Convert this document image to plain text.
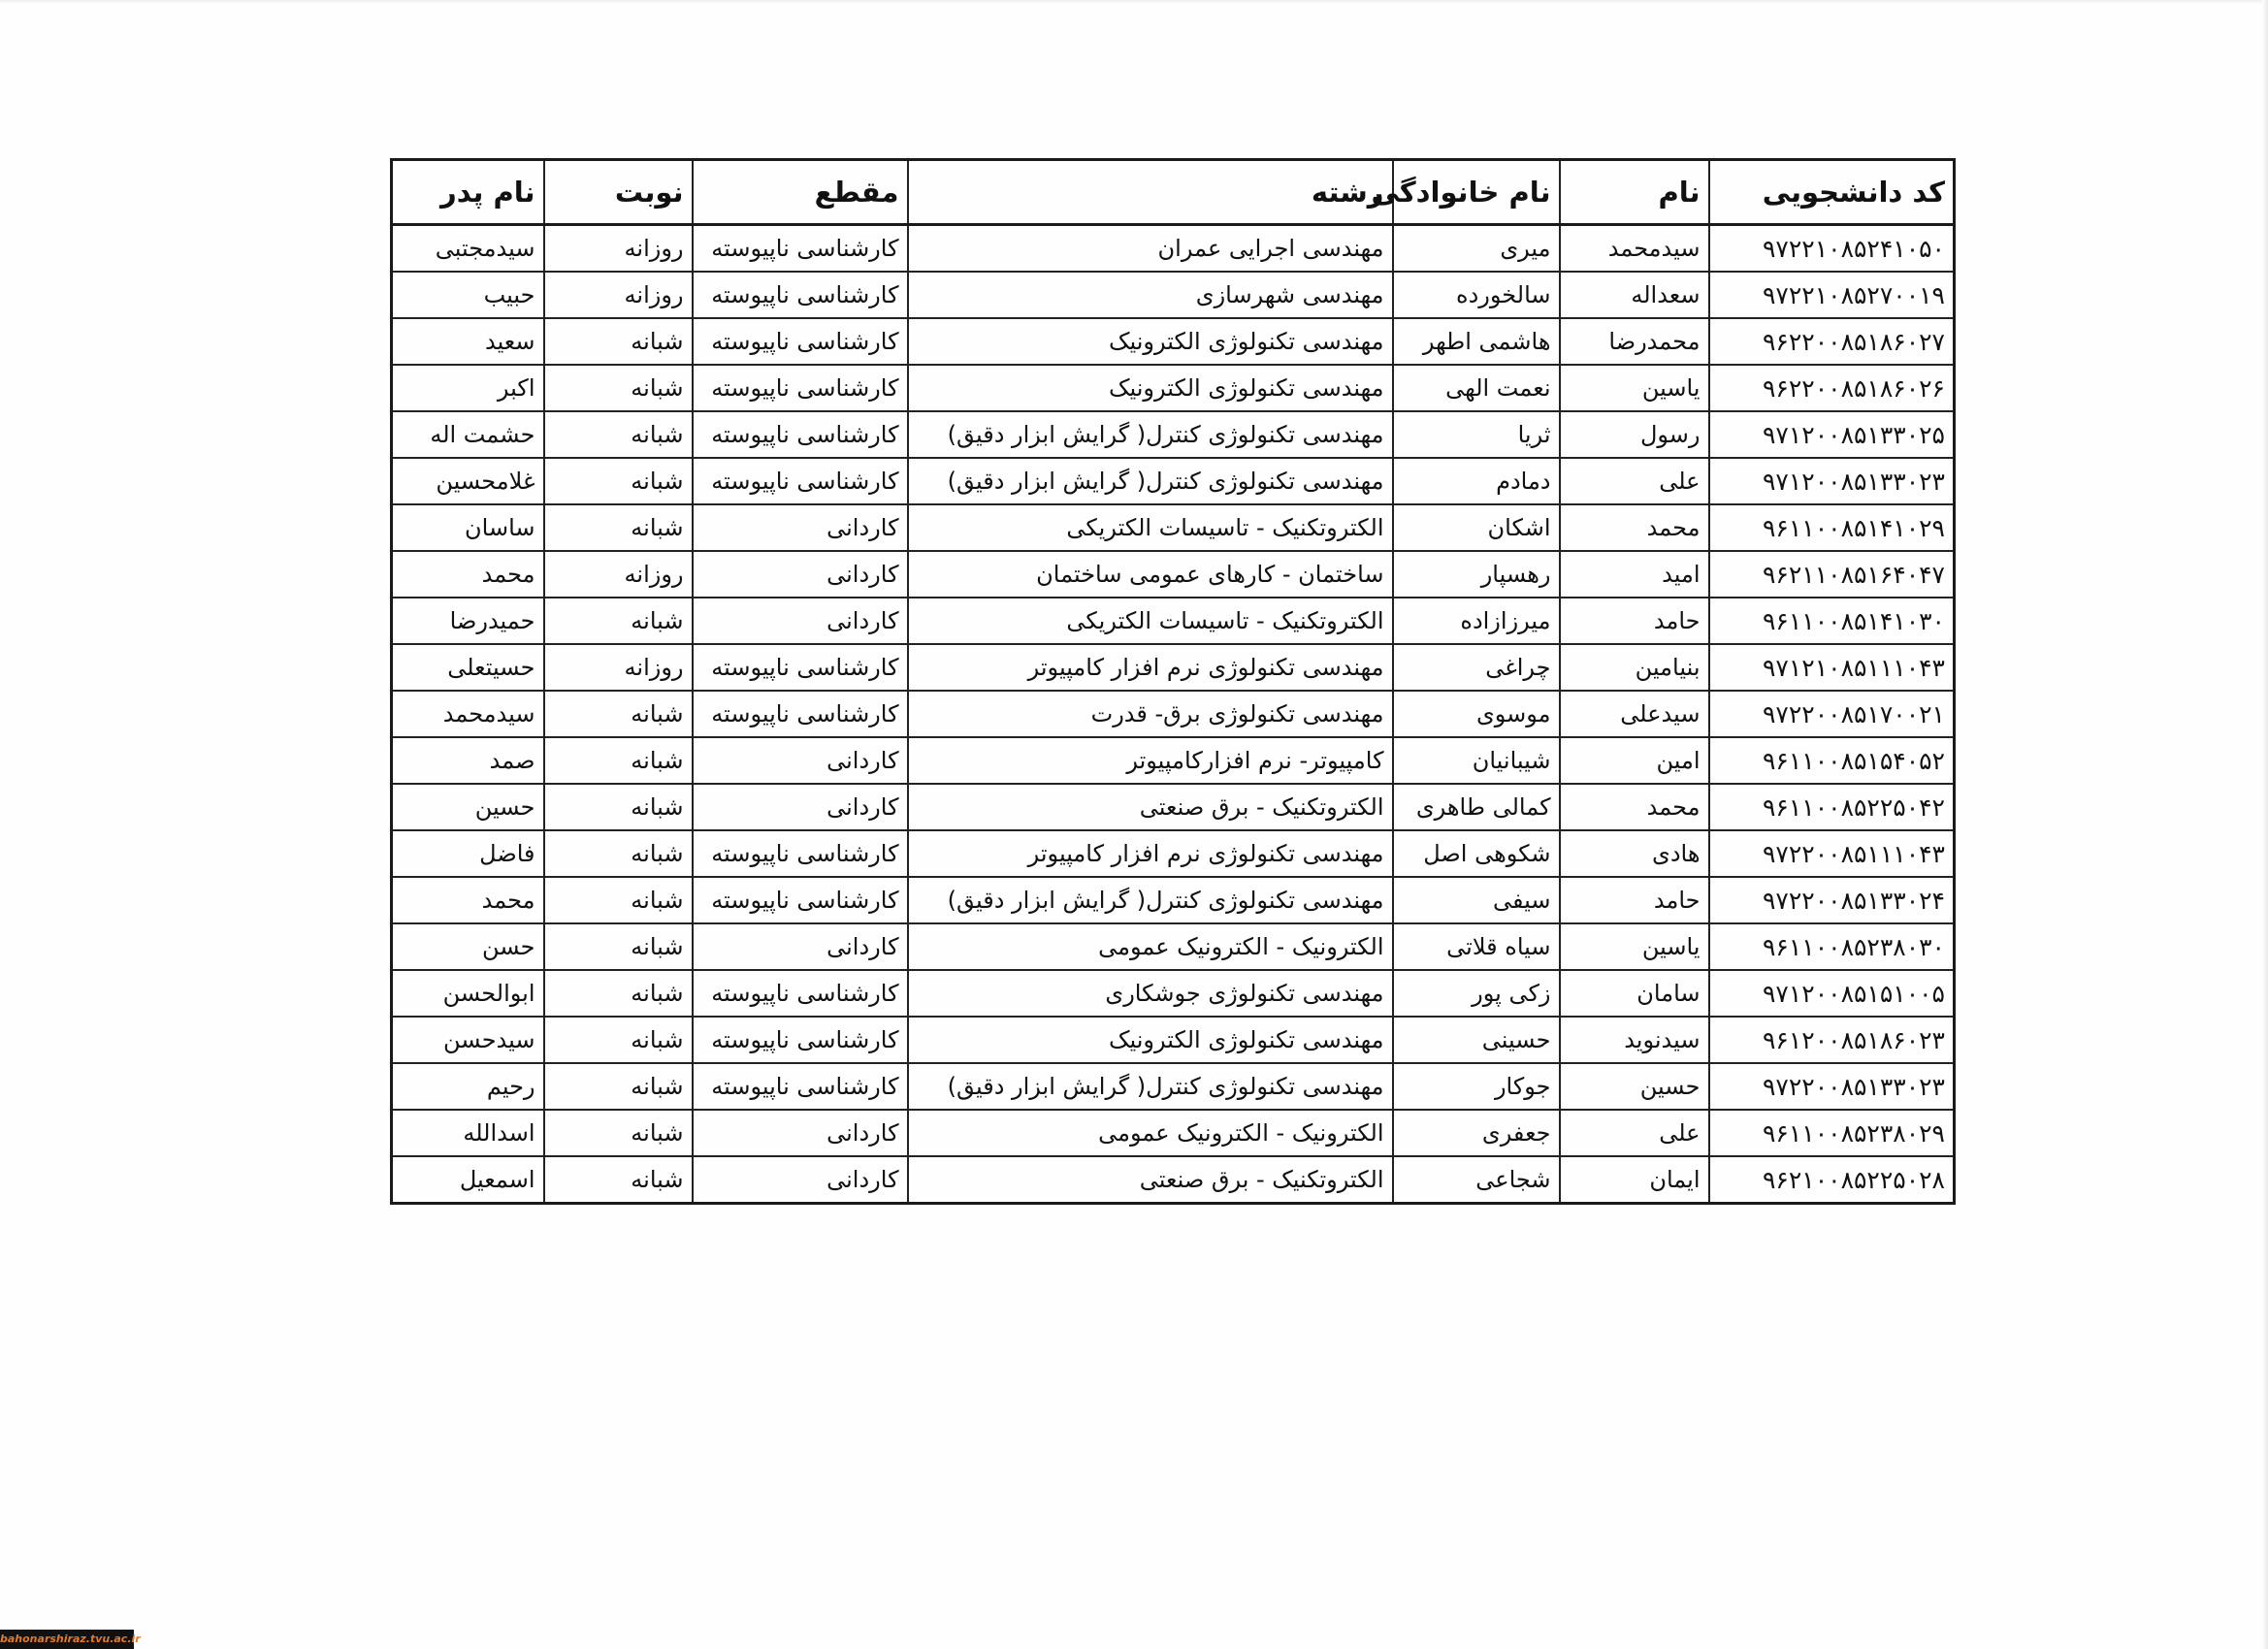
کد دانشجویی	نام	نام خانوادگی	رشته	مقطع	نوبت	نام پدر
۹۷۲۲۱۰۸۵۲۴۱۰۵۰	سیدمحمد	میری	مهندسی اجرایی عمران	کارشناسی ناپیوسته	روزانه	سیدمجتبی
۹۷۲۲۱۰۸۵۲۷۰۰۱۹	سعداله	سالخورده	مهندسی شهرسازی	کارشناسی ناپیوسته	روزانه	حبیب
۹۶۲۲۰۰۸۵۱۸۶۰۲۷	محمدرضا	هاشمی اطهر	مهندسی تکنولوژی الکترونیک	کارشناسی ناپیوسته	شبانه	سعید
۹۶۲۲۰۰۸۵۱۸۶۰۲۶	یاسین	نعمت الهی	مهندسی تکنولوژی الکترونیک	کارشناسی ناپیوسته	شبانه	اکبر
۹۷۱۲۰۰۸۵۱۳۳۰۲۵	رسول	ثریا	مهندسی تکنولوژی کنترل( گرایش ابزار دقیق)	کارشناسی ناپیوسته	شبانه	حشمت اله
۹۷۱۲۰۰۸۵۱۳۳۰۲۳	علی	دمادم	مهندسی تکنولوژی کنترل( گرایش ابزار دقیق)	کارشناسی ناپیوسته	شبانه	غلامحسین
۹۶۱۱۰۰۸۵۱۴۱۰۲۹	محمد	اشکان	الکتروتکنیک - تاسیسات الکتریکی	کاردانی	شبانه	ساسان
۹۶۲۱۱۰۸۵۱۶۴۰۴۷	امید	رهسپار	ساختمان - کارهای عمومی ساختمان	کاردانی	روزانه	محمد
۹۶۱۱۰۰۸۵۱۴۱۰۳۰	حامد	میرزازاده	الکتروتکنیک - تاسیسات الکتریکی	کاردانی	شبانه	حمیدرضا
۹۷۱۲۱۰۸۵۱۱۱۰۴۳	بنیامین	چراغی	مهندسی تکنولوژی نرم افزار کامپیوتر	کارشناسی ناپیوسته	روزانه	حسیتعلی
۹۷۲۲۰۰۸۵۱۷۰۰۲۱	سیدعلی	موسوی	مهندسی تکنولوژی برق- قدرت	کارشناسی ناپیوسته	شبانه	سیدمحمد
۹۶۱۱۰۰۸۵۱۵۴۰۵۲	امین	شیبانیان	کامپیوتر- نرم افزارکامپیوتر	کاردانی	شبانه	صمد
۹۶۱۱۰۰۸۵۲۲۵۰۴۲	محمد	کمالی طاهری	الکتروتکنیک - برق صنعتی	کاردانی	شبانه	حسین
۹۷۲۲۰۰۸۵۱۱۱۰۴۳	هادی	شکوهی اصل	مهندسی تکنولوژی نرم افزار کامپیوتر	کارشناسی ناپیوسته	شبانه	فاضل
۹۷۲۲۰۰۸۵۱۳۳۰۲۴	حامد	سیفی	مهندسی تکنولوژی کنترل( گرایش ابزار دقیق)	کارشناسی ناپیوسته	شبانه	محمد
۹۶۱۱۰۰۸۵۲۳۸۰۳۰	یاسین	سیاه قلاتی	الکترونیک - الکترونیک عمومی	کاردانی	شبانه	حسن
۹۷۱۲۰۰۸۵۱۵۱۰۰۵	سامان	زکی پور	مهندسی تکنولوژی جوشکاری	کارشناسی ناپیوسته	شبانه	ابوالحسن
۹۶۱۲۰۰۸۵۱۸۶۰۲۳	سیدنوید	حسینی	مهندسی تکنولوژی الکترونیک	کارشناسی ناپیوسته	شبانه	سیدحسن
۹۷۲۲۰۰۸۵۱۳۳۰۲۳	حسین	جوکار	مهندسی تکنولوژی کنترل( گرایش ابزار دقیق)	کارشناسی ناپیوسته	شبانه	رحیم
۹۶۱۱۰۰۸۵۲۳۸۰۲۹	علی	جعفری	الکترونیک - الکترونیک عمومی	کاردانی	شبانه	اسدالله
۹۶۲۱۰۰۸۵۲۲۵۰۲۸	ایمان	شجاعی	الکتروتکنیک - برق صنعتی	کاردانی	شبانه	اسمعیل
bahonarshiraz.tvu.ac.ir
